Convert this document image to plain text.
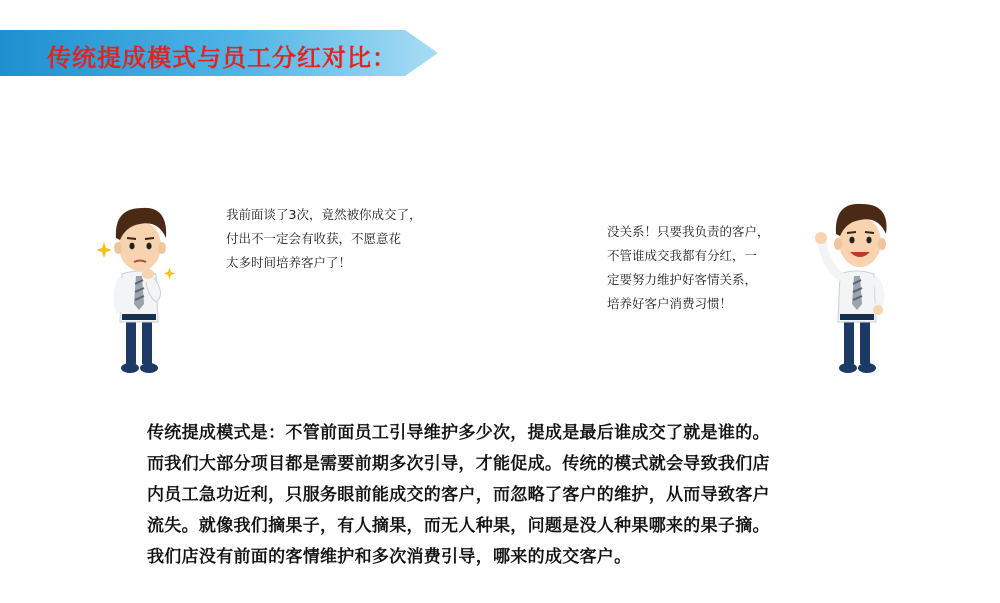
传统提成模式与员工分红对比：
我前面谈了3次，竟然被你成交了，
付出不一定会有收获，不愿意花
太多时间培养客户了！
没关系！只要我负责的客户，
不管谁成交我都有分红，一
定要努力维护好客情关系，
培养好客户消费习惯！
传统提成模式是：不管前面员工引导维护多少次，提成是最后谁成交了就是谁的。
而我们大部分项目都是需要前期多次引导，才能促成。传统的模式就会导致我们店
内员工急功近利，只服务眼前能成交的客户，而忽略了客户的维护，从而导致客户
流失。就像我们摘果子，有人摘果，而无人种果，问题是没人种果哪来的果子摘。
我们店没有前面的客情维护和多次消费引导，哪来的成交客户。
